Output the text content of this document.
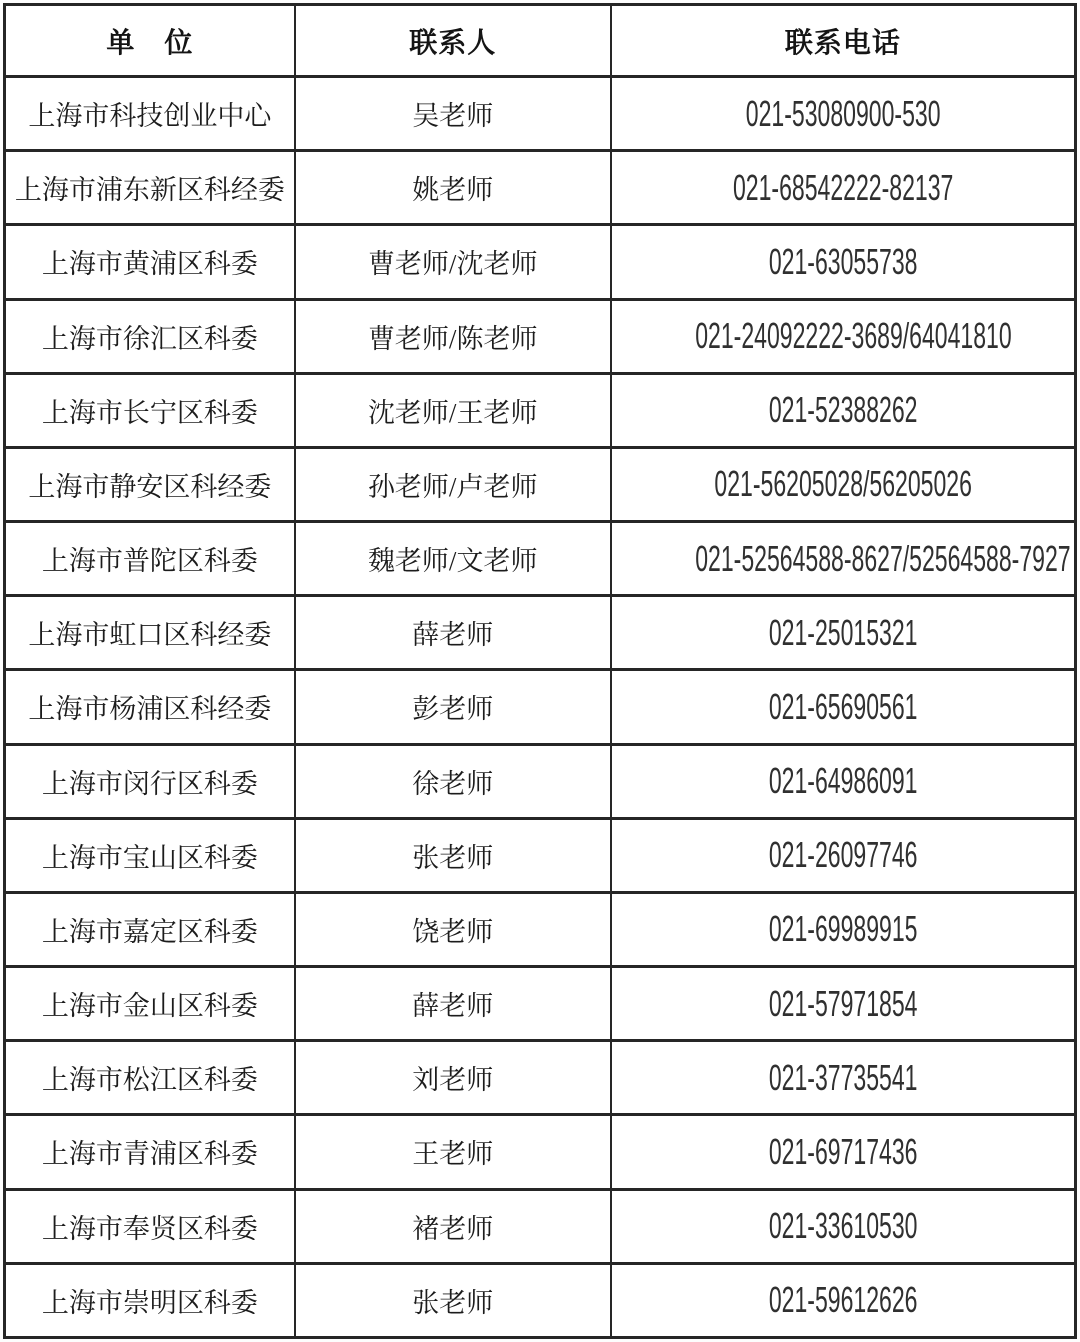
单　位	联系人	联系电话

上海市科技创业中心	吴老师	021-53080900-530

上海市浦东新区科经委	姚老师	021-68542222-82137

上海市黄浦区科委	曹老师/沈老师	021-63055738

上海市徐汇区科委	曹老师/陈老师	021-24092222-3689/64041810

上海市长宁区科委	沈老师/王老师	021-52388262

上海市静安区科经委	孙老师/卢老师	021-56205028/56205026

上海市普陀区科委	魏老师/文老师	021-52564588-8627/52564588-7927

上海市虹口区科经委	薛老师	021-25015321

上海市杨浦区科经委	彭老师	021-65690561

上海市闵行区科委	徐老师	021-64986091

上海市宝山区科委	张老师	021-26097746

上海市嘉定区科委	饶老师	021-69989915

上海市金山区科委	薛老师	021-57971854

上海市松江区科委	刘老师	021-37735541

上海市青浦区科委	王老师	021-69717436

上海市奉贤区科委	褚老师	021-33610530

上海市崇明区科委	张老师	021-59612626
